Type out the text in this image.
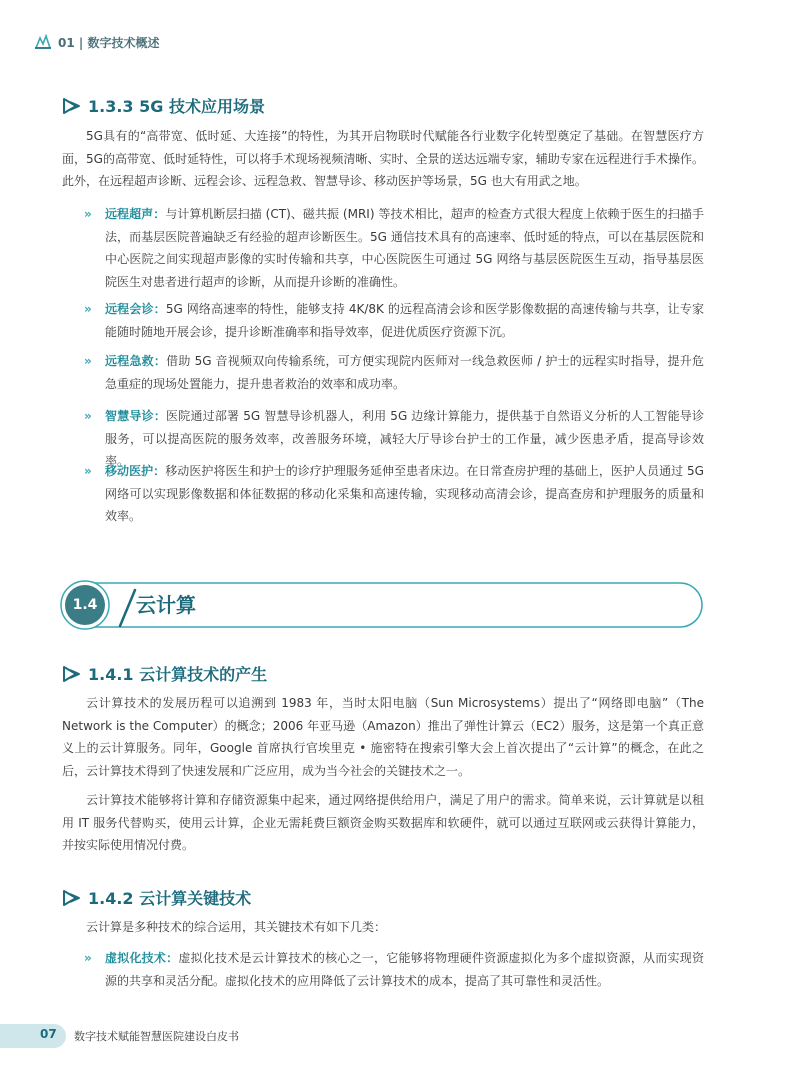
01 | 数字技术概述
1.3.3 5G 技术应用场景

5G具有的“高带宽、低时延、大连接”的特性，为其开启物联时代赋能各行业数字化转型奠定了基础。在智慧医疗方面，5G的高带宽、低时延特性，可以将手术现场视频清晰、实时、全景的送达远端专家，辅助专家在远程进行手术操作。此外，在远程超声诊断、远程会诊、远程急救、智慧导诊、移动医护等场景，5G 也大有用武之地。

» 远程超声：与计算机断层扫描 (CT)、磁共振 (MRI) 等技术相比，超声的检查方式很大程度上依赖于医生的扫描手法，而基层医院普遍缺乏有经验的超声诊断医生。5G 通信技术具有的高速率、低时延的特点，可以在基层医院和中心医院之间实现超声影像的实时传输和共享，中心医院医生可通过 5G 网络与基层医院医生互动，指导基层医院医生对患者进行超声的诊断，从而提升诊断的准确性。

» 远程会诊：5G 网络高速率的特性，能够支持 4K/8K 的远程高清会诊和医学影像数据的高速传输与共享，让专家能随时随地开展会诊，提升诊断准确率和指导效率，促进优质医疗资源下沉。

» 远程急救：借助 5G 音视频双向传输系统，可方便实现院内医师对一线急救医师 / 护士的远程实时指导，提升危急重症的现场处置能力，提升患者救治的效率和成功率。

» 智慧导诊：医院通过部署 5G 智慧导诊机器人，利用 5G 边缘计算能力，提供基于自然语义分析的人工智能导诊服务，可以提高医院的服务效率，改善服务环境，减轻大厅导诊台护士的工作量，减少医患矛盾，提高导诊效率。

» 移动医护：移动医护将医生和护士的诊疗护理服务延伸至患者床边。在日常查房护理的基础上，医护人员通过 5G 网络可以实现影像数据和体征数据的移动化采集和高速传输，实现移动高清会诊，提高查房和护理服务的质量和效率。

1.4	云计算
1.4.1 云计算技术的产生

云计算技术的发展历程可以追溯到 1983 年，当时太阳电脑（Sun Microsystems）提出了“网络即电脑”（The Network is the Computer）的概念；2006 年亚马逊（Amazon）推出了弹性计算云（EC2）服务，这是第一个真正意义上的云计算服务。同年，Google 首席执行官埃里克 • 施密特在搜索引擎大会上首次提出了“云计算”的概念，在此之后，云计算技术得到了快速发展和广泛应用，成为当今社会的关键技术之一。

云计算技术能够将计算和存储资源集中起来，通过网络提供给用户，满足了用户的需求。简单来说，云计算就是以租用 IT 服务代替购买，使用云计算，企业无需耗费巨额资金购买数据库和软硬件，就可以通过互联网或云获得计算能力，并按实际使用情况付费。

1.4.2 云计算关键技术

云计算是多种技术的综合运用，其关键技术有如下几类：

» 虚拟化技术：虚拟化技术是云计算技术的核心之一，它能够将物理硬件资源虚拟化为多个虚拟资源，从而实现资源的共享和灵活分配。虚拟化技术的应用降低了云计算技术的成本，提高了其可靠性和灵活性。

07 数字技术赋能智慧医院建设白皮书
